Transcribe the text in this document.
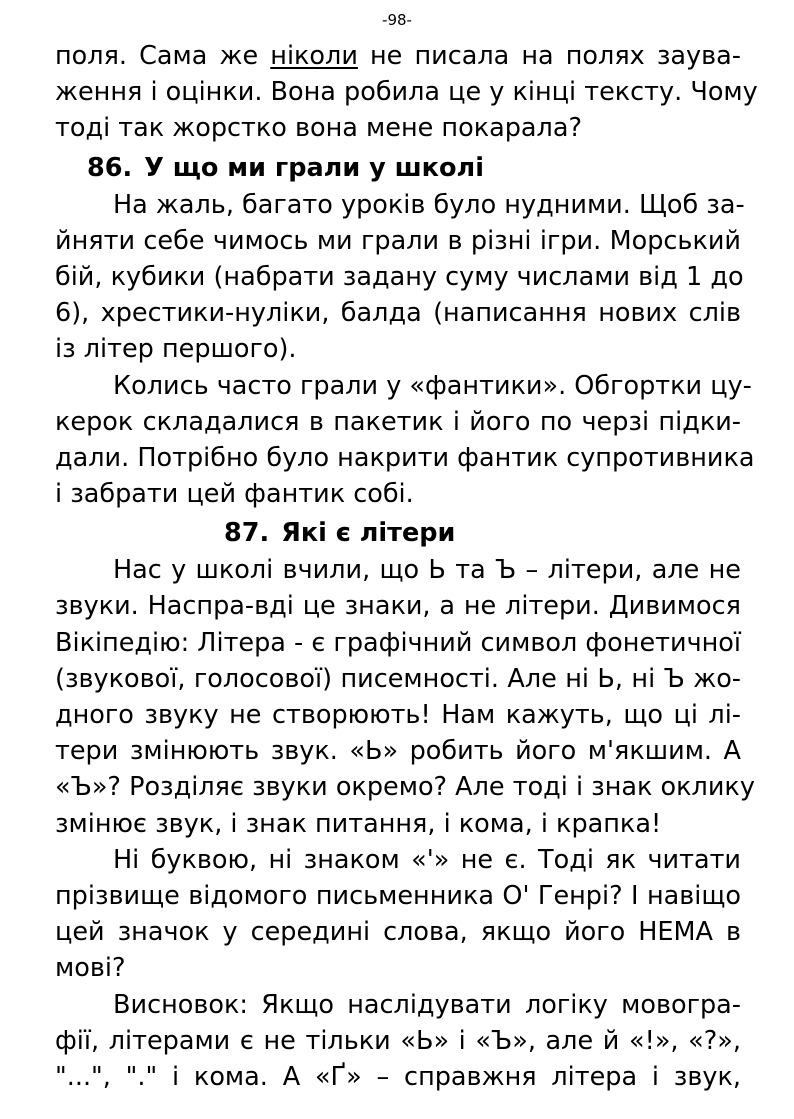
-98-
поля. Сама же ніколи не писала на полях заува-
ження і оцінки. Вона робила це у кінці тексту. Чому
тоді так жорстко вона мене покарала?
86. У що ми грали у школі
На жаль, багато уроків було нудними. Щоб за-
йняти себе чимось ми грали в різні ігри. Морський
бій, кубики (набрати задану суму числами від 1 до
6), хрестики-нуліки, балда (написання нових слів
із літер першого).
Колись часто грали у «фантики». Обгортки цу-
керок складалися в пакетик і його по черзі підки-
дали. Потрібно було накрити фантик супротивника
і забрати цей фантик собі.
87. Які є літери
Нас у школі вчили, що Ь та Ъ – літери, але не
звуки. Наспра-вді це знаки, а не літери. Дивимося
Вікіпедію: Літера - є графічний символ фонетичної
(звукової, голосової) писемності. Але ні Ь, ні Ъ жо-
дного звуку не створюють! Нам кажуть, що ці лі-
тери змінюють звук. «Ь» робить його м'якшим. А
«Ъ»? Розділяє звуки окремо? Але тоді і знак оклику
змінює звук, і знак питання, і кома, і крапка!
Ні буквою, ні знаком «'» не є. Тоді як читати
прізвище відомого письменника О' Генрі? І навіщо
цей значок у середині слова, якщо його НЕМА в
мові?
Висновок: Якщо наслідувати логіку мовогра-
фії, літерами є не тільки «Ь» і «Ъ», але й «!», «?»,
"...", "." і кома. А «Ґ» – справжня літера і звук,
